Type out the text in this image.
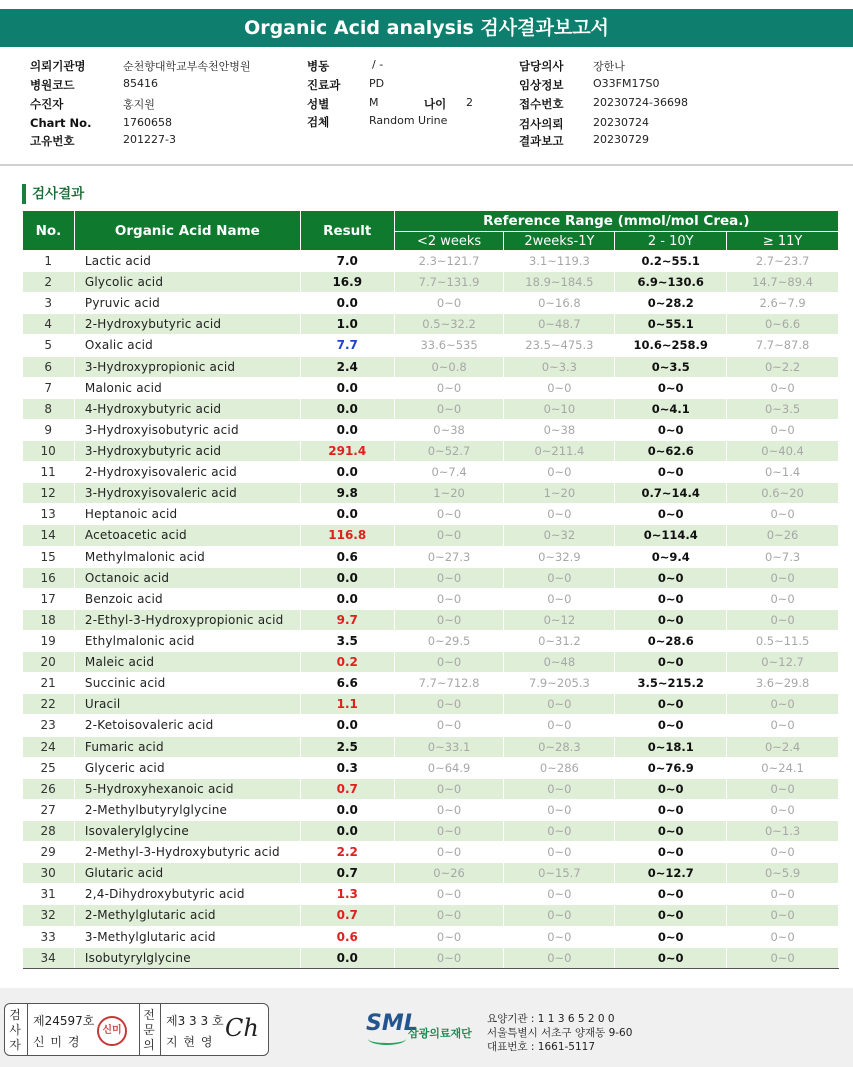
Organic Acid analysis 검사결과보고서
의뢰기관명	순천향대학교부속천안병원	병동	/ -	담당의사	장한나
병원코드	85416	진료과	PD	임상정보	O33FM17S0
수진자	홍지원	성별	M	나이 2	접수번호	20230724-36698
Chart No.	1760658	검체	Random Urine	검사의뢰	20230724
고유번호	201227-3	결과보고	20230729
검사결과
No.	Organic Acid Name	Result	Reference Range (mmol/mol Crea.)			
			<2 weeks	2weeks-1Y	2 - 10Y	≥ 11Y
1	Lactic acid	7.0	2.3~121.7	3.1~119.3	0.2~55.1	2.7~23.7
2	Glycolic acid	16.9	7.7~131.9	18.9~184.5	6.9~130.6	14.7~89.4
3	Pyruvic acid	0.0	0~0	0~16.8	0~28.2	2.6~7.9
4	2-Hydroxybutyric acid	1.0	0.5~32.2	0~48.7	0~55.1	0~6.6
5	Oxalic acid	7.7	33.6~535	23.5~475.3	10.6~258.9	7.7~87.8
6	3-Hydroxypropionic acid	2.4	0~0.8	0~3.3	0~3.5	0~2.2
7	Malonic acid	0.0	0~0	0~0	0~0	0~0
8	4-Hydroxybutyric acid	0.0	0~0	0~10	0~4.1	0~3.5
9	3-Hydroxyisobutyric acid	0.0	0~38	0~38	0~0	0~0
10	3-Hydroxybutyric acid	291.4	0~52.7	0~211.4	0~62.6	0~40.4
11	2-Hydroxyisovaleric acid	0.0	0~7.4	0~0	0~0	0~1.4
12	3-Hydroxyisovaleric acid	9.8	1~20	1~20	0.7~14.4	0.6~20
13	Heptanoic acid	0.0	0~0	0~0	0~0	0~0
14	Acetoacetic acid	116.8	0~0	0~32	0~114.4	0~26
15	Methylmalonic acid	0.6	0~27.3	0~32.9	0~9.4	0~7.3
16	Octanoic acid	0.0	0~0	0~0	0~0	0~0
17	Benzoic acid	0.0	0~0	0~0	0~0	0~0
18	2-Ethyl-3-Hydroxypropionic acid	9.7	0~0	0~12	0~0	0~0
19	Ethylmalonic acid	3.5	0~29.5	0~31.2	0~28.6	0.5~11.5
20	Maleic acid	0.2	0~0	0~48	0~0	0~12.7
21	Succinic acid	6.6	7.7~712.8	7.9~205.3	3.5~215.2	3.6~29.8
22	Uracil	1.1	0~0	0~0	0~0	0~0
23	2-Ketoisovaleric acid	0.0	0~0	0~0	0~0	0~0
24	Fumaric acid	2.5	0~33.1	0~28.3	0~18.1	0~2.4
25	Glyceric acid	0.3	0~64.9	0~286	0~76.9	0~24.1
26	5-Hydroxyhexanoic acid	0.7	0~0	0~0	0~0	0~0
27	2-Methylbutyrylglycine	0.0	0~0	0~0	0~0	0~0
28	Isovalerylglycine	0.0	0~0	0~0	0~0	0~1.3
29	2-Methyl-3-Hydroxybutyric acid	2.2	0~0	0~0	0~0	0~0
30	Glutaric acid	0.7	0~26	0~15.7	0~12.7	0~5.9
31	2,4-Dihydroxybutyric acid	1.3	0~0	0~0	0~0	0~0
32	2-Methylglutaric acid	0.7	0~0	0~0	0~0	0~0
33	3-Methylglutaric acid	0.6	0~0	0~0	0~0	0~0
34	Isobutyrylglycine	0.0	0~0	0~0	0~0	0~0
검
사
자
제24597호
신 미 경
신미
전
문
의
제3 3 3 호
지 현 영 Ch	SML
삼광의료재단
요양기관 : 1 1 3 6 5 2 0 0
서울특별시 서초구 양재동 9-60
대표번호 : 1661-5117
